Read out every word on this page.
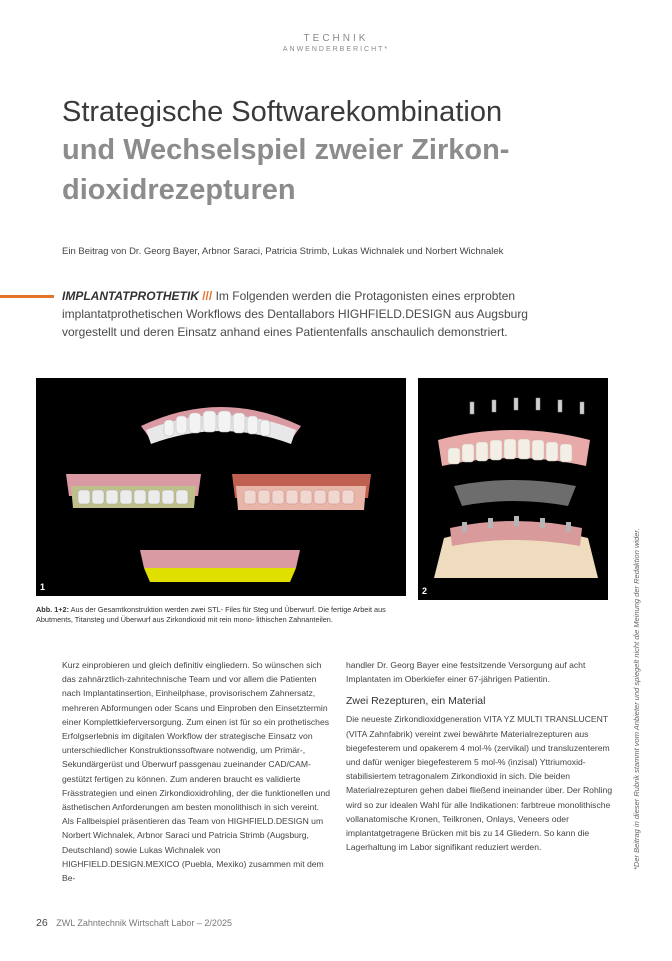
TECHNIK
ANWENDERBERICHT*
Strategische Softwarekombination
und Wechselspiel zweier Zirkon-
dioxidrezepturen
Ein Beitrag von Dr. Georg Bayer, Arbnor Saraci, Patricia Strimb, Lukas Wichnalek und Norbert Wichnalek
IMPLANTATPROTHETIK /// Im Folgenden werden die Protagonisten eines erprobten implantatprothetischen Workflows des Dentallabors HIGHFIELD.DESIGN aus Augsburg vorgestellt und deren Einsatz anhand eines Patientenfalls anschaulich demonstriert.
1	2
Abb. 1+2: Aus der Gesamtkonstruktion werden zwei STL- Files für Steg und Überwurf. Die fertige Arbeit aus Abutments, Titansteg und Überwurf aus Zirkondioxid mit rein mono- lithischen Zahnanteilen.

Kurz einprobieren und gleich definitiv eingliedern. So wünschen sich das zahnärztlich-zahntechnische Team und vor allem die Patienten nach Implantatinsertion, Einheilphase, provisorischem Zahnersatz, mehreren Abformungen oder Scans und Einproben den Einsetztermin einer Komplettkieferversorgung. Zum einen ist für so ein prothetisches Erfolgserlebnis im digitalen Workflow der strategische Einsatz von unterschiedlicher Konstruktionssoftware notwendig, um Primär-, Sekundärgerüst und Überwurf passgenau zueinander CAD/CAM-gestützt fertigen zu können. Zum anderen braucht es validierte Frässtrategien und einen Zirkondioxidrohling, der die funktionellen und ästhetischen Anforderungen am besten monolithisch in sich vereint.

Als Fallbeispiel präsentieren das Team von HIGHFIELD.DESIGN um Norbert Wichnalek, Arbnor Saraci und Patricia Strimb (Augsburg, Deutschland) sowie Lukas Wichnalek von HIGHFIELD.DESIGN.MEXICO (Puebla, Mexiko) zusammen mit dem Be-

handler Dr. Georg Bayer eine festsitzende Versorgung auf acht Implantaten im Oberkiefer einer 67-jährigen Patientin.

Zwei Rezepturen, ein Material

Die neueste Zirkondioxidgeneration VITA YZ MULTI TRANSLUCENT (VITA Zahnfabrik) vereint zwei bewährte Materialrezepturen aus biegefesterem und opakerem 4 mol-% (zervikal) und transluzenterem und dafür weniger biegefesterem 5 mol-% (inzisal) Yttriumoxid-stabilisiertem tetragonalem Zirkondioxid in sich. Die beiden Materialrezepturen gehen dabei fließend ineinander über. Der Rohling wird so zur idealen Wahl für alle Indikationen: farbtreue monolithische vollanatomische Kronen, Teilkronen, Onlays, Veneers oder implantatgetragene Brücken mit bis zu 14 Gliedern. So kann die Lagerhaltung im Labor signifikant reduziert werden.	*Der Beitrag in dieser Rubrik stammt vom Anbieter und spiegelt nicht die Meinung der Redaktion wider.
26 ZWL Zahntechnik Wirtschaft Labor – 2/2025
